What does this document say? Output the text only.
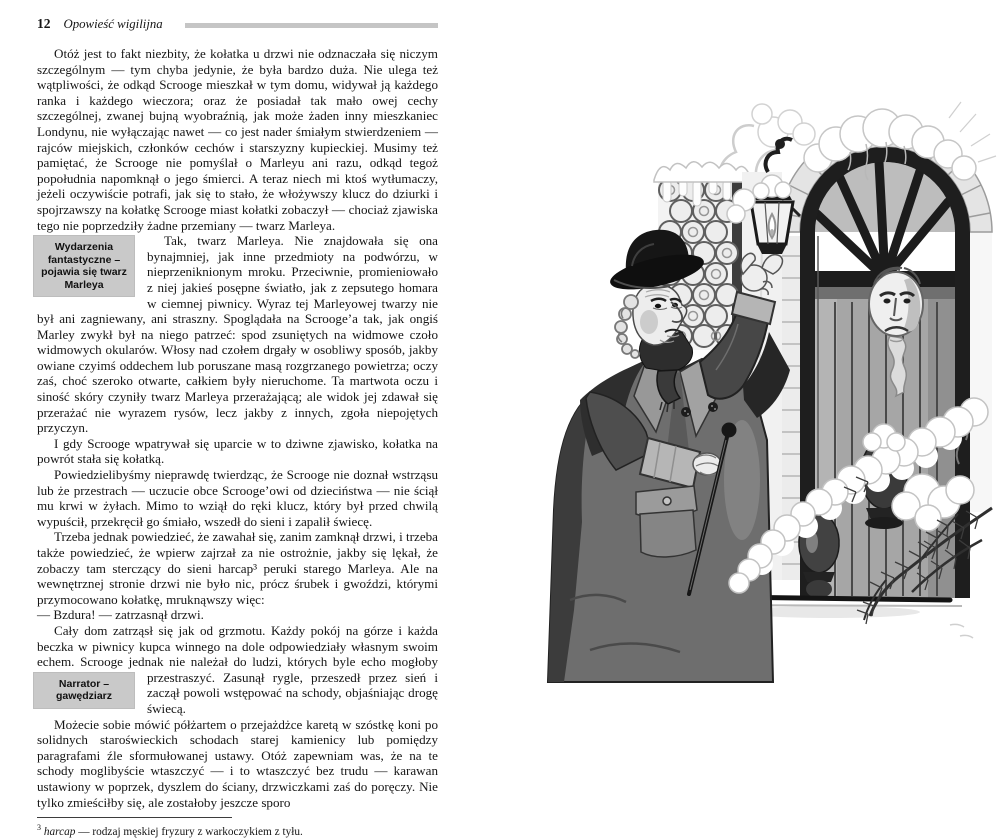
12 Opowieść wigilijna

Otóż jest to fakt niezbity, że kołatka u drzwi nie odznaczała się niczym szczególnym — tym chyba jedynie, że była bardzo duża. Nie ulega też wątpliwości, że odkąd Scrooge mieszkał w tym domu, widywał ją każdego ranka i każdego wieczora; oraz że posiadał tak mało owej cechy szczególnej, zwanej bujną wyobraźnią, jak może żaden inny mieszkaniec Londynu, nie wyłączając nawet — co jest nader śmiałym stwierdzeniem — rajców miejskich, członków cechów i starszyzny kupieckiej. Musimy też pamiętać, że Scrooge nie pomyślał o Marleyu ani razu, odkąd tegoż popołudnia napomknął o jego śmierci. A teraz niech mi ktoś wytłumaczy, jeżeli oczywiście potrafi, jak się to stało, że włożywszy klucz do dziurki i spojrzawszy na kołatkę Scrooge miast kołatki zobaczył — chociaż zjawiska tego nie poprzedziły żadne przemiany — twarz Marleya.

Wydarzenia fantastyczne – pojawia się twarz Marleya
Tak, twarz Marleya. Nie znajdowała się ona bynajmniej, jak inne przedmioty na podwórzu, w nieprzeniknionym mroku. Przeciwnie, promieniowało z niej jakieś posępne światło, jak z zepsutego homara w ciemnej piwnicy. Wyraz tej Marleyowej twarzy nie był ani zagniewany, ani straszny. Spoglądała na Scrooge’a tak, jak ongiś Marley zwykł był na niego patrzeć: spod zsuniętych na widmowe czoło widmowych okularów. Włosy nad czołem drgały w osobliwy sposób, jakby owiane czyimś oddechem lub poruszane masą rozgrzanego powietrza; oczy zaś, choć szeroko otwarte, całkiem były nieruchome. Ta martwota oczu i siność skóry czyniły twarz Marleya przerażającą; ale widok jej zdawał się przerażać nie wyrazem rysów, lecz jakby z innych, zgoła niepojętych przyczyn.

I gdy Scrooge wpatrywał się uparcie w to dziwne zjawisko, kołatka na powrót stała się kołatką.

Powiedzielibyśmy nieprawdę twierdząc, że Scrooge nie doznał wstrząsu lub że przestrach — uczucie obce Scrooge’owi od dzieciństwa — nie ściął mu krwi w żyłach. Mimo to wziął do ręki klucz, który był przed chwilą wypuścił, przekręcił go śmiało, wszedł do sieni i zapalił świecę.

Trzeba jednak powiedzieć, że zawahał się, zanim zamknął drzwi, i trzeba także powiedzieć, że wpierw zajrzał za nie ostrożnie, jakby się lękał, że zobaczy tam sterczący do sieni harcap³ peruki starego Marleya. Ale na wewnętrznej stronie drzwi nie było nic, prócz śrubek i gwoździ, którymi przymocowano kołatkę, mruknąwszy więc:

— Bzdura! — zatrzasnął drzwi.

Cały dom zatrząsł się jak od grzmotu. Każdy pokój na górze i każda beczka w piwnicy kupca winnego na dole odpowiedziały własnym swoim echem. Scrooge jednak nie należał do ludzi, których byle echo mogłoby przestraszyć. Zasunął rygle,
Narrator – gawędziarz
przeszedł przez sień i zaczął powoli wstępować na schody, objaśniając drogę świecą.

Możecie sobie mówić półżartem o przejażdżce karetą w szóstkę koni po solidnych staroświeckich schodach starej kamienicy lub pomiędzy paragrafami źle sformułowanej ustawy. Otóż zapewniam was, że na te schody moglibyście wtaszczyć — i to wtaszczyć bez trudu — karawan ustawiony w poprzek, dyszlem do ściany, drzwiczkami zaś do poręczy. Nie tylko zmieściłby się, ale zostałoby jeszcze sporo

$^3$ harcap — rodzaj męskiej fryzury z warkoczykiem z tyłu.
